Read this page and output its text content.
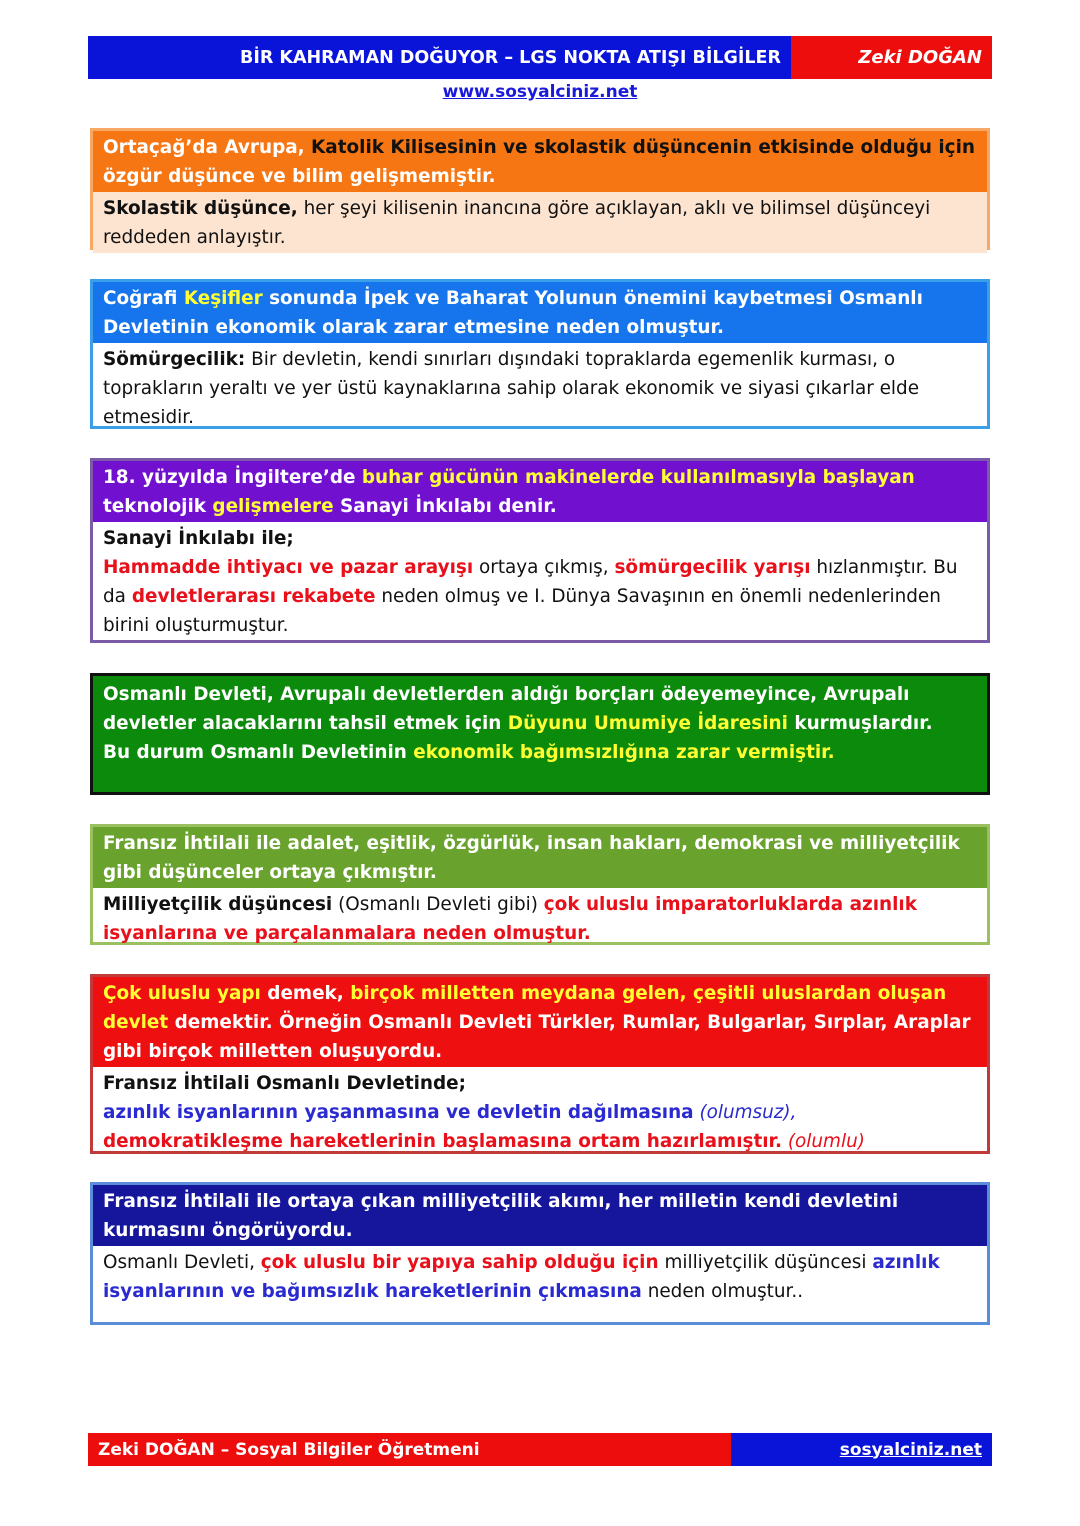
BİR KAHRAMAN DOĞUYOR – LGS NOKTA ATIŞI BİLGİLER	Zeki DOĞAN
www.sosyalciniz.net
Ortaçağ’da Avrupa, Katolik Kilisesinin ve skolastik düşüncenin etkisinde olduğu için özgür düşünce ve bilim gelişmemiştir.
Skolastik düşünce, her şeyi kilisenin inancına göre açıklayan, aklı ve bilimsel düşünceyi reddeden anlayıştır.
Coğrafi Keşifler sonunda İpek ve Baharat Yolunun önemini kaybetmesi Osmanlı Devletinin ekonomik olarak zarar etmesine neden olmuştur.
Sömürgecilik: Bir devletin, kendi sınırları dışındaki topraklarda egemenlik kurması, o toprakların yeraltı ve yer üstü kaynaklarına sahip olarak ekonomik ve siyasi çıkarlar elde etmesidir.
18. yüzyılda İngiltere’de buhar gücünün makinelerde kullanılmasıyla başlayan teknolojik gelişmelere Sanayi İnkılabı denir.
Sanayi İnkılabı ile;
Hammadde ihtiyacı ve pazar arayışı ortaya çıkmış, sömürgecilik yarışı hızlanmıştır. Bu da devletlerarası rekabete neden olmuş ve I. Dünya Savaşının en önemli nedenlerinden birini oluşturmuştur.
Osmanlı Devleti, Avrupalı devletlerden aldığı borçları ödeyemeyince, Avrupalı devletler alacaklarını tahsil etmek için Düyunu Umumiye İdaresini kurmuşlardır.
Bu durum Osmanlı Devletinin ekonomik bağımsızlığına zarar vermiştir.
Fransız İhtilali ile adalet, eşitlik, özgürlük, insan hakları, demokrasi ve milliyetçilik gibi düşünceler ortaya çıkmıştır.
Milliyetçilik düşüncesi (Osmanlı Devleti gibi) çok uluslu imparatorluklarda azınlık isyanlarına ve parçalanmalara neden olmuştur.
Çok uluslu yapı demek, birçok milletten meydana gelen, çeşitli uluslardan oluşan devlet demektir. Örneğin Osmanlı Devleti Türkler, Rumlar, Bulgarlar, Sırplar, Araplar gibi birçok milletten oluşuyordu.
Fransız İhtilali Osmanlı Devletinde;
azınlık isyanlarının yaşanmasına ve devletin dağılmasına (olumsuz),
demokratikleşme hareketlerinin başlamasına ortam hazırlamıştır. (olumlu)
Fransız İhtilali ile ortaya çıkan milliyetçilik akımı, her milletin kendi devletini kurmasını öngörüyordu.
Osmanlı Devleti, çok uluslu bir yapıya sahip olduğu için milliyetçilik düşüncesi azınlık isyanlarının ve bağımsızlık hareketlerinin çıkmasına neden olmuştur..
Zeki DOĞAN – Sosyal Bilgiler Öğretmeni	sosyalciniz.net
